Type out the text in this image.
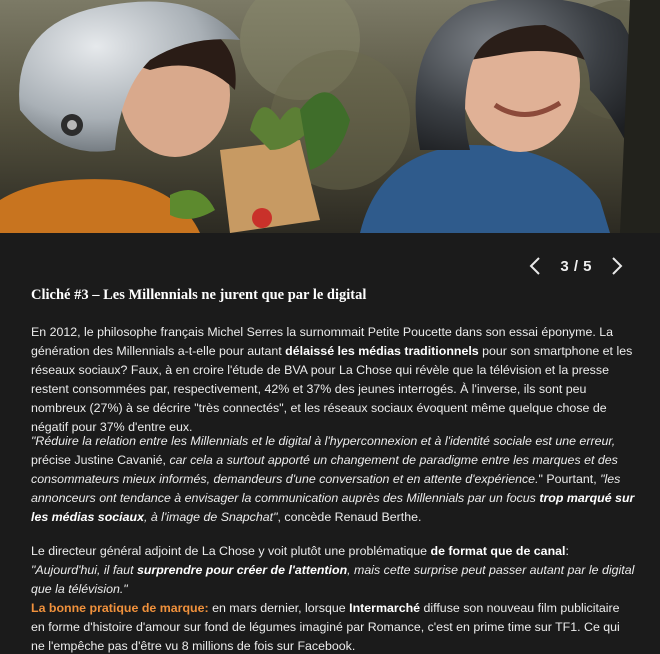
3 / 5
Cliché #3 – Les Millennials ne jurent que par le digital

En 2012, le philosophe français Michel Serres la surnommait Petite Poucette dans son essai éponyme. La génération des Millennials a-t-elle pour autant délaissé les médias traditionnels pour son smartphone et les réseaux sociaux? Faux, à en croire l'étude de BVA pour La Chose qui révèle que la télévision et la presse restent consommées par, respectivement, 42% et 37% des jeunes interrogés. À l'inverse, ils sont peu nombreux (27%) à se décrire "très connectés", et les réseaux sociaux évoquent même quelque chose de négatif pour 37% d'entre eux.

"Réduire la relation entre les Millennials et le digital à l'hyperconnexion et à l'identité sociale est une erreur, précise Justine Cavanié, car cela a surtout apporté un changement de paradigme entre les marques et des consommateurs mieux informés, demandeurs d'une conversation et en attente d'expérience." Pourtant, "les annonceurs ont tendance à envisager la communication auprès des Millennials par un focus trop marqué sur les médias sociaux, à l'image de Snapchat", concède Renaud Berthe.

Le directeur général adjoint de La Chose y voit plutôt une problématique de format que de canal: "Aujourd'hui, il faut surprendre pour créer de l'attention, mais cette surprise peut passer autant par le digital que la télévision."

La bonne pratique de marque: en mars dernier, lorsque Intermarché diffuse son nouveau film publicitaire en forme d'histoire d'amour sur fond de légumes imaginé par Romance, c'est en prime time sur TF1. Ce qui ne l'empêche pas d'être vu 8 millions de fois sur Facebook.
